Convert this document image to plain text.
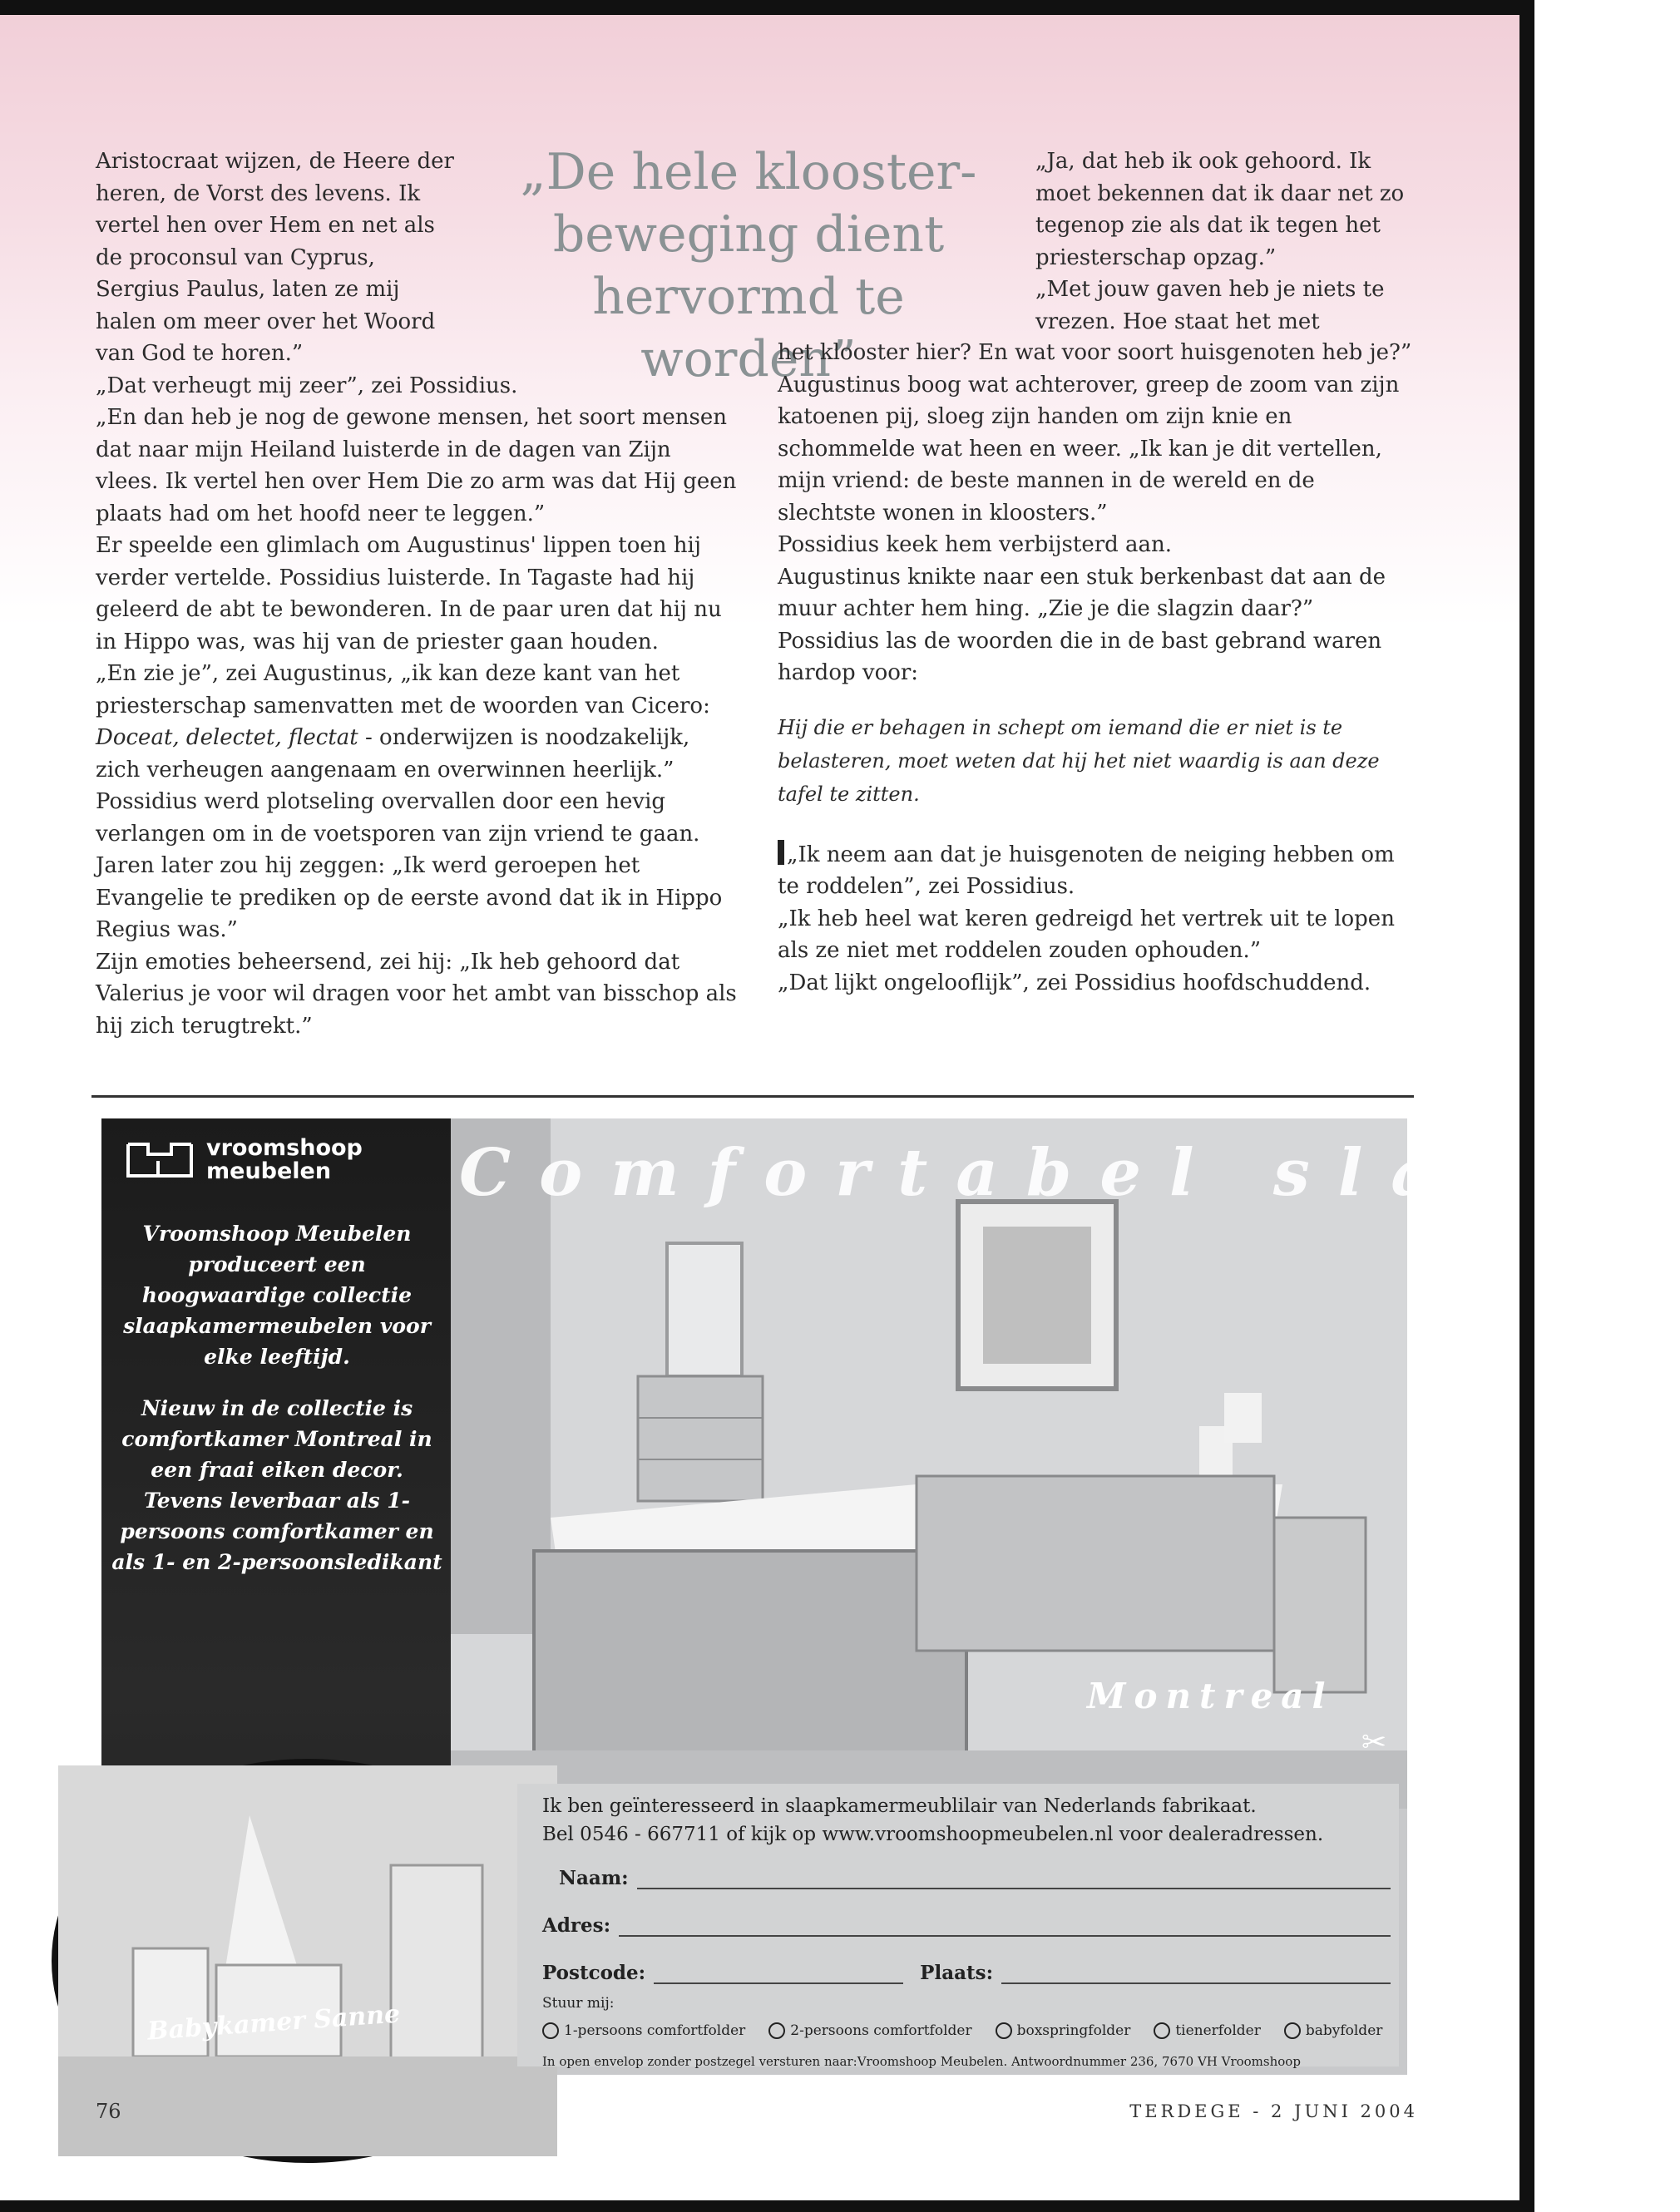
„De hele klooster-

beweging dient

hervormd te worden”

Aristocraat wijzen, de Heere der heren, de Vorst des levens. Ik vertel hen over Hem en net als de proconsul van Cyprus, Sergius Paulus, laten ze mij halen om meer over het Woord van God te horen.”

„Dat verheugt mij zeer”, zei Possidius.

„En dan heb je nog de gewone mensen, het soort mensen dat naar mijn Heiland luisterde in de dagen van Zijn vlees. Ik vertel hen over Hem Die zo arm was dat Hij geen plaats had om het hoofd neer te leggen.”

Er speelde een glimlach om Augustinus' lippen toen hij verder vertelde. Possidius luisterde. In Tagaste had hij geleerd de abt te bewonderen. In de paar uren dat hij nu in Hippo was, was hij van de priester gaan houden.

„En zie je”, zei Augustinus, „ik kan deze kant van het priesterschap samenvatten met de woorden van Cicero: Doceat, delectet, flectat - onderwijzen is noodzakelijk, zich verheugen aangenaam en overwinnen heerlijk.”

Possidius werd plotseling overvallen door een hevig verlangen om in de voetsporen van zijn vriend te gaan. Jaren later zou hij zeggen: „Ik werd geroepen het Evangelie te prediken op de eerste avond dat ik in Hippo Regius was.”

Zijn emoties beheersend, zei hij: „Ik heb gehoord dat Valerius je voor wil dragen voor het ambt van bisschop als hij zich terugtrekt.”

„Ja, dat heb ik ook gehoord. Ik moet bekennen dat ik daar net zo tegenop zie als dat ik tegen het priesterschap opzag.”

„Met jouw gaven heb je niets te vrezen. Hoe staat het met

het klooster hier? En wat voor soort huisgenoten heb je?”

Augustinus boog wat achterover, greep de zoom van zijn katoenen pij, sloeg zijn handen om zijn knie en schommelde wat heen en weer. „Ik kan je dit vertellen, mijn vriend: de beste mannen in de wereld en de slechtste wonen in kloosters.”

Possidius keek hem verbijsterd aan.

Augustinus knikte naar een stuk berkenbast dat aan de muur achter hem hing. „Zie je die slagzin daar?”

Possidius las de woorden die in de bast gebrand waren hardop voor:

Hij die er behagen in schept om iemand die er niet is te belasteren, moet weten dat hij het niet waardig is aan deze tafel te zitten.

„Ik neem aan dat je huisgenoten de neiging hebben om te roddelen”, zei Possidius.

„Ik heb heel wat keren gedreigd het vertrek uit te lopen als ze niet met roddelen zouden ophouden.”

„Dat lijkt ongelooflijk”, zei Possidius hoofdschuddend.

vroomshoop
meubelen

Vroomshoop Meubelen produceert een hoogwaardige collectie slaapkamermeubelen voor elke leeftijd.

Nieuw in de collectie is comfortkamer Montreal in een fraai eiken decor. Tevens leverbaar als 1-persoons comfortkamer en als 1- en 2-persoonsledikant

Comfortabel slapen
Montreal
✂
Babykamer Sanne

Ik ben geïnteresseerd in slaapkamermeublilair van Nederlands fabrikaat.

Bel 0546 - 667711 of kijk op www.vroomshoopmeubelen.nl voor dealeradressen.

Naam:
Adres:
Postcode:	Plaats:
Stuur mij:
1-persoons comfortfolder	2-persoons comfortfolder	boxspringfolder	tienerfolder	babyfolder
In open envelop zonder postzegel versturen naar:Vroomshoop Meubelen. Antwoordnummer 236, 7670 VH Vroomshoop
76	TERDEGE - 2 JUNI 2004
